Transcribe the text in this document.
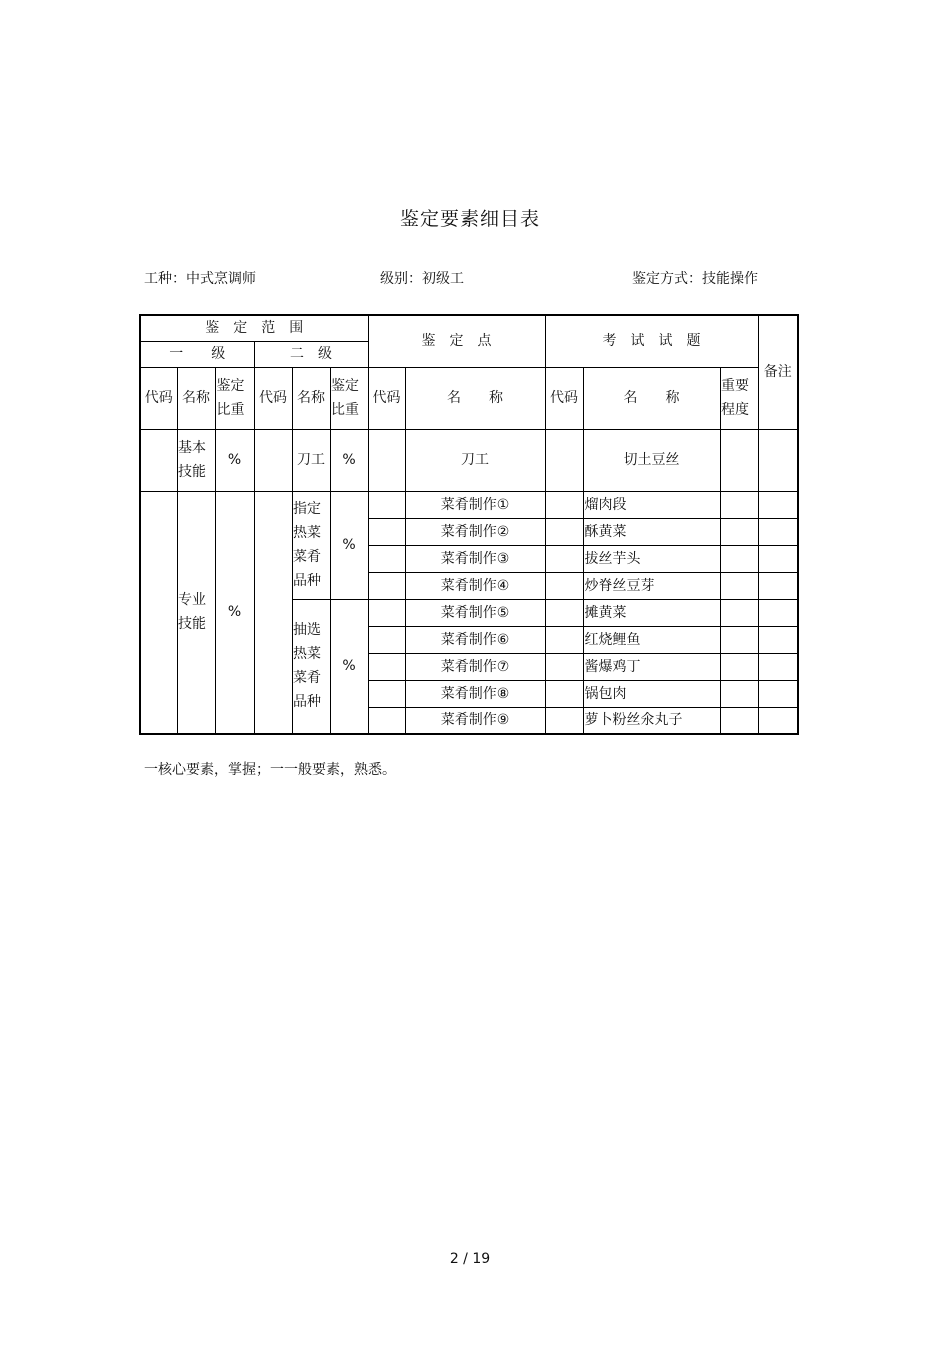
鉴定要素细目表
工种：中式烹调师	级别：初级工	鉴定方式：技能操作
鉴　定　范　围						鉴　定　点		考　试　试　题			备注
一　　级			二　级								
代码	名称	鉴定比重	代码	名称	鉴定比重	代码	名　　称	代码	名　　称	重要程度	
	基本技能	%		刀工	%		刀工		切土豆丝		
	专业技能	%		指定热菜菜肴品种	%		菜肴制作①		熘肉段		
							菜肴制作②		酥黄菜		
							菜肴制作③		拔丝芋头		
							菜肴制作④		炒脊丝豆芽		
				抽选热菜菜肴品种	%		菜肴制作⑤		摊黄菜		
							菜肴制作⑥		红烧鲤鱼		
							菜肴制作⑦		酱爆鸡丁		
							菜肴制作⑧		锅包肉		
							菜肴制作⑨		萝卜粉丝氽丸子		
一核心要素，掌握；一一般要素，熟悉。
2 / 19
